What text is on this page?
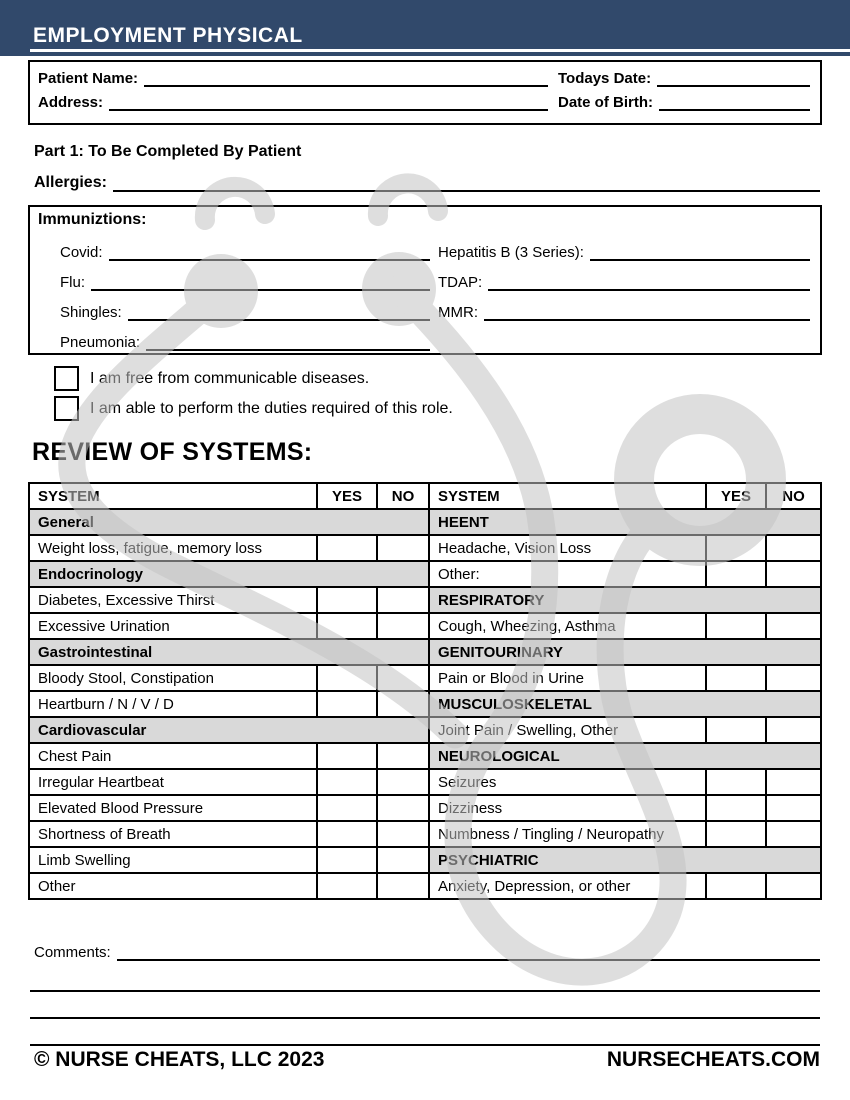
EMPLOYMENT PHYSICAL
Patient Name:	Todays Date:
Address:	Date of Birth:
Part 1: To Be Completed By Patient
Allergies:
Immuniztions:
Covid:	Hepatitis B (3 Series):
Flu:	TDAP:
Shingles:	MMR:
Pneumonia:
I am free from communicable diseases.
I am able to perform the duties required of this role.
REVIEW OF SYSTEMS:
SYSTEM	YES	NO	SYSTEM	YES	NO
General			HEENT		
Weight loss, fatigue, memory loss			Headache, Vision Loss		
Endocrinology			Other:		
Diabetes, Excessive Thirst			RESPIRATORY		
Excessive Urination			Cough, Wheezing, Asthma		
Gastrointestinal			GENITOURINARY		
Bloody Stool, Constipation			Pain or Blood in Urine		
Heartburn / N / V / D			MUSCULOSKELETAL		
Cardiovascular			Joint Pain / Swelling, Other		
Chest Pain			NEUROLOGICAL		
Irregular Heartbeat			Seizures		
Elevated Blood Pressure			Dizziness		
Shortness of Breath			Numbness / Tingling / Neuropathy		
Limb Swelling			PSYCHIATRIC		
Other			Anxiety, Depression, or other		
Comments:
© NURSE CHEATS, LLC 2023	NURSECHEATS.COM
